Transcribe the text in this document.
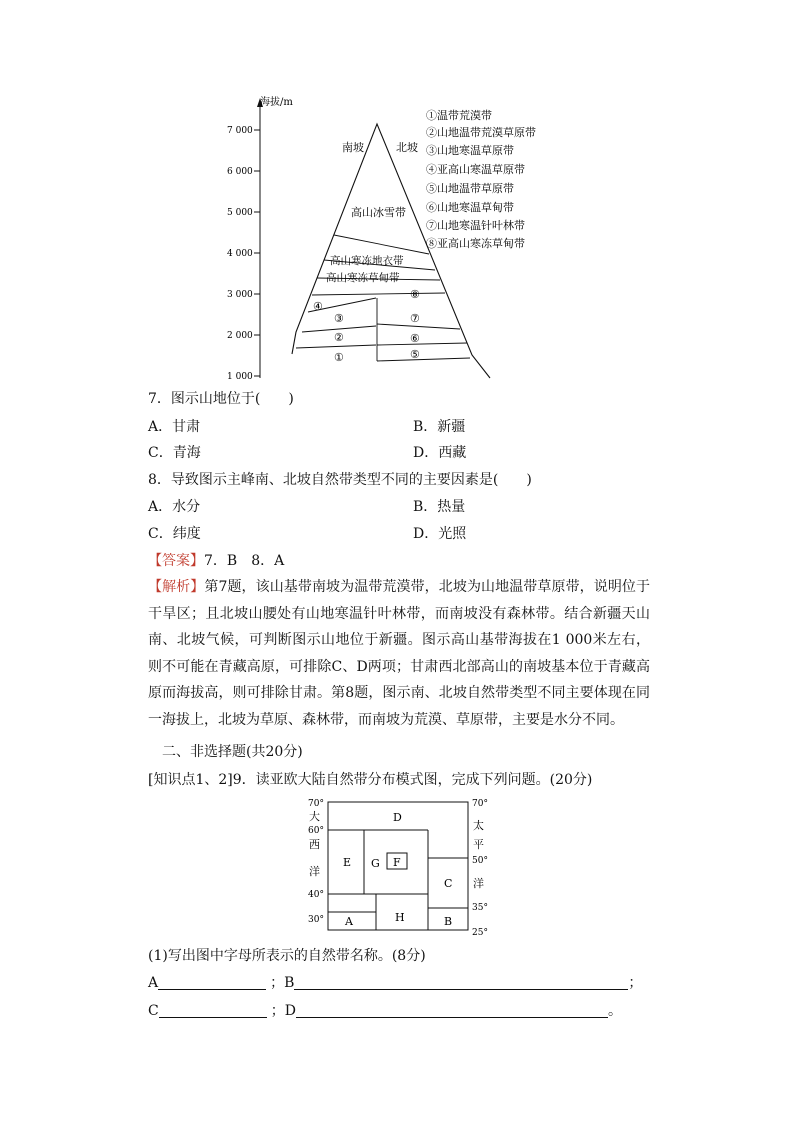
海拔/m
7 000
6 000
5 000
4 000
3 000
2 000
1 000
南坡	北坡
高山冰雪带
高山寒冻地衣带
高山寒冻草甸带
④
③
②
①
⑧
⑦
⑥
⑤
①温带荒漠带
②山地温带荒漠草原带
③山地寒温草原带
④亚高山寒温草原带
⑤山地温带草原带
⑥山地寒温草甸带
⑦山地寒温针叶林带
⑧亚高山寒冻草甸带
7．图示山地位于(　　)
A．甘肃	B．新疆
C．青海	D．西藏
8．导致图示主峰南、北坡自然带类型不同的主要因素是(　　)
A．水分	B．热量
C．纬度	D．光照
【答案】7．B　8．A
【解析】第7题，该山基带南坡为温带荒漠带，北坡为山地温带草原带，说明位于干旱区；且北坡山腰处有山地寒温针叶林带，而南坡没有森林带。结合新疆天山南、北坡气候，可判断图示山地位于新疆。图示高山基带海拔在1 000米左右，则不可能在青藏高原，可排除C、D两项；甘肃西北部高山的南坡基本位于青藏高原而海拔高，则可排除甘肃。第8题，图示南、北坡自然带类型不同主要体现在同一海拔上，北坡为草原、森林带，而南坡为荒漠、草原带，主要是水分不同。
二、非选择题(共20分)
[知识点1、2]9．读亚欧大陆自然带分布模式图，完成下列问题。(20分)
D
E G F
C
A	H	B
70°
60°
40°
30°
70°
50°
35°
25°
大
西
洋
太
平
洋
(1)写出图中字母所表示的自然带名称。(8分)
A	；B	；
C	；D	。
